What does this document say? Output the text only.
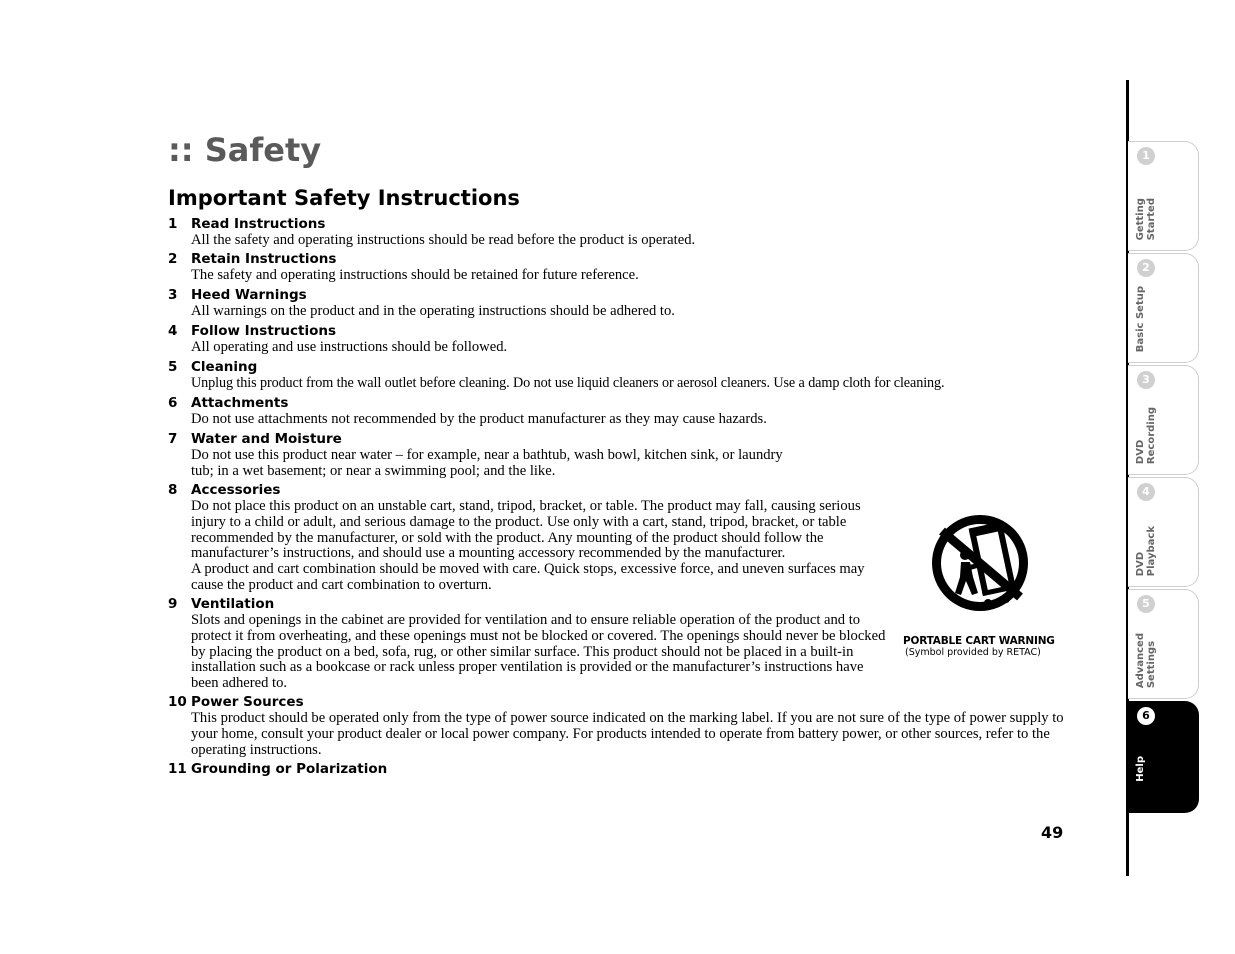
:: Safety
Important Safety Instructions
1 Read Instructions

All the safety and operating instructions should be read before the product is operated.

2 Retain Instructions

The safety and operating instructions should be retained for future reference.

3 Heed Warnings

All warnings on the product and in the operating instructions should be adhered to.

4 Follow Instructions

All operating and use instructions should be followed.

5 Cleaning

Unplug this product from the wall outlet before cleaning. Do not use liquid cleaners or aerosol cleaners. Use a damp cloth for cleaning.

6 Attachments

Do not use attachments not recommended by the product manufacturer as they may cause hazards.

7 Water and Moisture

Do not use this product near water – for example, near a bathtub, wash bowl, kitchen sink, or laundry tub; in a wet basement; or near a swimming pool; and the like.

8 Accessories

Do not place this product on an unstable cart, stand, tripod, bracket, or table. The product may fall, causing serious injury to a child or adult, and serious damage to the product. Use only with a cart, stand, tripod, bracket, or table recommended by the manufacturer, or sold with the product. Any mounting of the product should follow the manufacturer’s instructions, and should use a mounting accessory recommended by the manufacturer.

A product and cart combination should be moved with care. Quick stops, excessive force, and uneven surfaces may cause the product and cart combination to overturn.

9 Ventilation

Slots and openings in the cabinet are provided for ventilation and to ensure reliable operation of the product and to protect it from overheating, and these openings must not be blocked or covered. The openings should never be blocked by placing the product on a bed, sofa, rug, or other similar surface. This product should not be placed in a built-in installation such as a bookcase or rack unless proper ventilation is provided or the manufacturer’s instructions have been adhered to.

10 Power Sources

This product should be operated only from the type of power source indicated on the marking label. If you are not sure of the type of power supply to your home, consult your product dealer or local power company. For products intended to operate from battery power, or other sources, refer to the operating instructions.

11 Grounding or Polarization
PORTABLE CART WARNING
(Symbol provided by RETAC)
49
1
Getting
Started
2
Basic Setup
3
DVD
Recording
4
DVD
Playback
5
Advanced
Settings
6
Help
